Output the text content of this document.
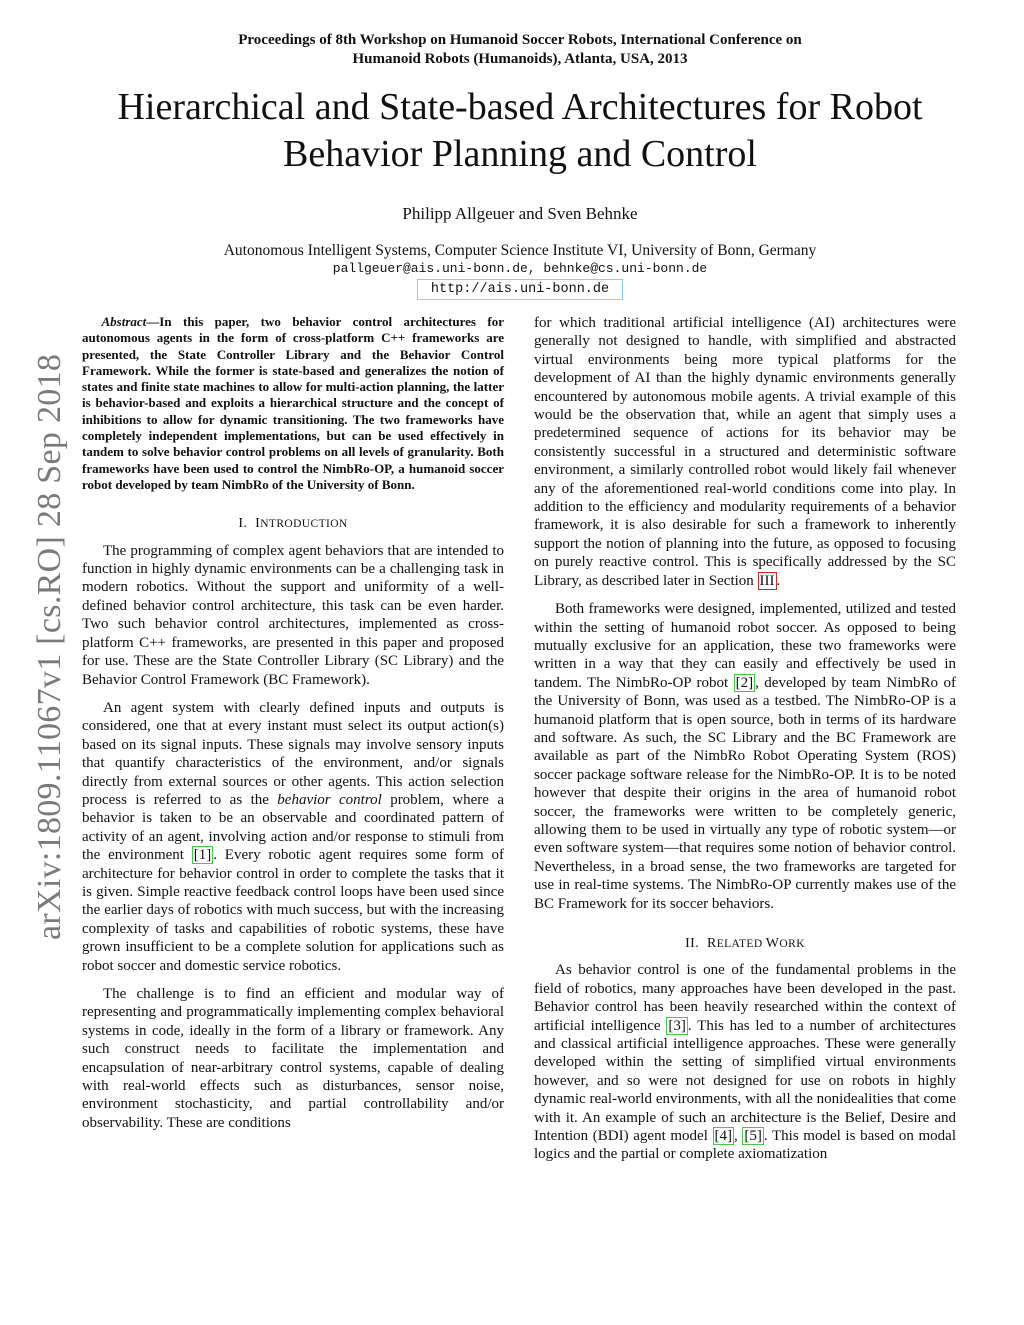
Proceedings of 8th Workshop on Humanoid Soccer Robots, International Conference on
Humanoid Robots (Humanoids), Atlanta, USA, 2013
Hierarchical and State-based Architectures for Robot
Behavior Planning and Control
Philipp Allgeuer and Sven Behnke
Autonomous Intelligent Systems, Computer Science Institute VI, University of Bonn, Germany
pallgeuer@ais.uni-bonn.de, behnke@cs.uni-bonn.de
http://ais.uni-bonn.de
arXiv:1809.11067v1 [cs.RO] 28 Sep 2018

Abstract—In this paper, two behavior control architectures for autonomous agents in the form of cross-platform C++ frameworks are presented, the State Controller Library and the Behavior Control Framework. While the former is state-based and generalizes the notion of states and finite state machines to allow for multi-action planning, the latter is behavior-based and exploits a hierarchical structure and the concept of inhibitions to allow for dynamic transitioning. The two frameworks have completely independent implementations, but can be used effectively in tandem to solve behavior control problems on all levels of granularity. Both frameworks have been used to control the NimbRo-OP, a humanoid soccer robot developed by team NimbRo of the University of Bonn.

I. INTRODUCTION

The programming of complex agent behaviors that are intended to function in highly dynamic environments can be a challenging task in modern robotics. Without the support and uniformity of a well-defined behavior control architecture, this task can be even harder. Two such behavior control architectures, implemented as cross-platform C++ frameworks, are presented in this paper and proposed for use. These are the State Controller Library (SC Library) and the Behavior Control Framework (BC Framework).

An agent system with clearly defined inputs and outputs is considered, one that at every instant must select its output action(s) based on its signal inputs. These signals may involve sensory inputs that quantify characteristics of the environment, and/or signals directly from external sources or other agents. This action selection process is referred to as the behavior control problem, where a behavior is taken to be an observable and coordinated pattern of activity of an agent, involving action and/or response to stimuli from the environment [1] . Every robotic agent requires some form of architecture for behavior control in order to complete the tasks that it is given. Simple reactive feedback control loops have been used since the earlier days of robotics with much success, but with the increasing complexity of tasks and capabilities of robotic systems, these have grown insufficient to be a complete solution for applications such as robot soccer and domestic service robotics.

The challenge is to find an efficient and modular way of representing and programmatically implementing complex behavioral systems in code, ideally in the form of a library or framework. Any such construct needs to facilitate the implementation and encapsulation of near-arbitrary control systems, capable of dealing with real-world effects such as disturbances, sensor noise, environment stochasticity, and partial controllability and/or observability. These are conditions

for which traditional artificial intelligence (AI) architectures were generally not designed to handle, with simplified and abstracted virtual environments being more typical platforms for the development of AI than the highly dynamic environments generally encountered by autonomous mobile agents. A trivial example of this would be the observation that, while an agent that simply uses a predetermined sequence of actions for its behavior may be consistently successful in a structured and deterministic software environment, a similarly controlled robot would likely fail whenever any of the aforementioned real-world conditions come into play. In addition to the efficiency and modularity requirements of a behavior framework, it is also desirable for such a framework to inherently support the notion of planning into the future, as opposed to focusing on purely reactive control. This is specifically addressed by the SC Library, as described later in Section III .

Both frameworks were designed, implemented, utilized and tested within the setting of humanoid robot soccer. As opposed to being mutually exclusive for an application, these two frameworks were written in a way that they can easily and effectively be used in tandem. The NimbRo-OP robot [2] , developed by team NimbRo of the University of Bonn, was used as a testbed. The NimbRo-OP is a humanoid platform that is open source, both in terms of its hardware and software. As such, the SC Library and the BC Framework are available as part of the NimbRo Robot Operating System (ROS) soccer package software release for the NimbRo-OP. It is to be noted however that despite their origins in the area of humanoid robot soccer, the frameworks were written to be completely generic, allowing them to be used in virtually any type of robotic system—or even software system—that requires some notion of behavior control. Nevertheless, in a broad sense, the two frameworks are targeted for use in real-time systems. The NimbRo-OP currently makes use of the BC Framework for its soccer behaviors.

II. RELATED WORK

As behavior control is one of the fundamental problems in the field of robotics, many approaches have been developed in the past. Behavior control has been heavily researched within the context of artificial intelligence [3] . This has led to a number of architectures and classical artificial intelligence approaches. These were generally developed within the setting of simplified virtual environments however, and so were not designed for use on robots in highly dynamic real-world environments, with all the nonidealities that come with it. An example of such an architecture is the Belief, Desire and Intention (BDI) agent model [4] , [5] . This model is based on modal logics and the partial or complete axiomatization
